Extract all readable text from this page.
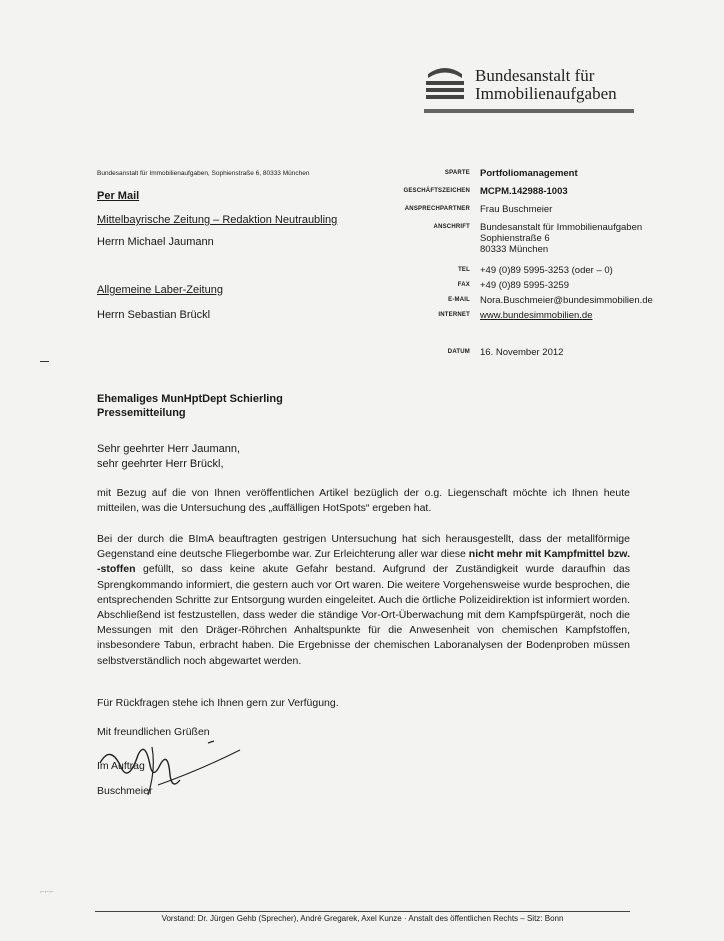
Bundesanstalt für
Immobilienaufgaben
Bundesanstalt für Immobilienaufgaben, Sophienstraße 6, 80333 München
Per Mail
Mittelbayrische Zeitung – Redaktion Neutraubling
Herrn Michael Jaumann
Allgemeine Laber-Zeitung
Herrn Sebastian Brückl
SPARTE Portfoliomanagement
GESCHÄFTSZEICHEN MCPM.142988-1003
ANSPRECHPARTNER Frau Buschmeier
ANSCHRIFT Bundesanstalt für Immobilienaufgaben
Sophienstraße 6
80333 München
TEL +49 (0)89 5995-3253 (oder – 0)
FAX +49 (0)89 5995-3259
E-MAIL Nora.Buschmeier@bundesimmobilien.de
INTERNET www.bundesimmobilien.de
DATUM 16. November 2012
Ehemaliges MunHptDept Schierling
Pressemitteilung
Sehr geehrter Herr Jaumann,
sehr geehrter Herr Brückl,
mit Bezug auf die von Ihnen veröffentlichen Artikel bezüglich der o.g. Liegenschaft möchte ich Ihnen heute mitteilen, was die Untersuchung des „auffälligen HotSpots“ ergeben hat.
Bei der durch die BImA beauftragten gestrigen Untersuchung hat sich herausgestellt, dass der metallförmige Gegenstand eine deutsche Fliegerbombe war. Zur Erleichterung aller war diese nicht mehr mit Kampfmittel bzw. -stoffen gefüllt, so dass keine akute Gefahr bestand. Aufgrund der Zuständigkeit wurde daraufhin das Sprengkommando informiert, die gestern auch vor Ort waren. Die weitere Vorgehensweise wurde besprochen, die entsprechenden Schritte zur Entsorgung wurden eingeleitet. Auch die örtliche Polizeidirektion ist informiert worden. Abschließend ist festzustellen, dass weder die ständige Vor-Ort-Überwachung mit dem Kampfspürgerät, noch die Messungen mit den Dräger-Röhrchen Anhaltspunkte für die Anwesenheit von chemischen Kampfstoffen, insbesondere Tabun, erbracht haben. Die Ergebnisse der chemischen Laboranalysen der Bodenproben müssen selbstverständlich noch abgewartet werden.
Für Rückfragen stehe ich Ihnen gern zur Verfügung.
Mit freundlichen Grüßen
Im Auftrag
Buschmeier
⌐⌐⌐
Vorstand: Dr. Jürgen Gehb (Sprecher), André Gregarek, Axel Kunze · Anstalt des öffentlichen Rechts – Sitz: Bonn
